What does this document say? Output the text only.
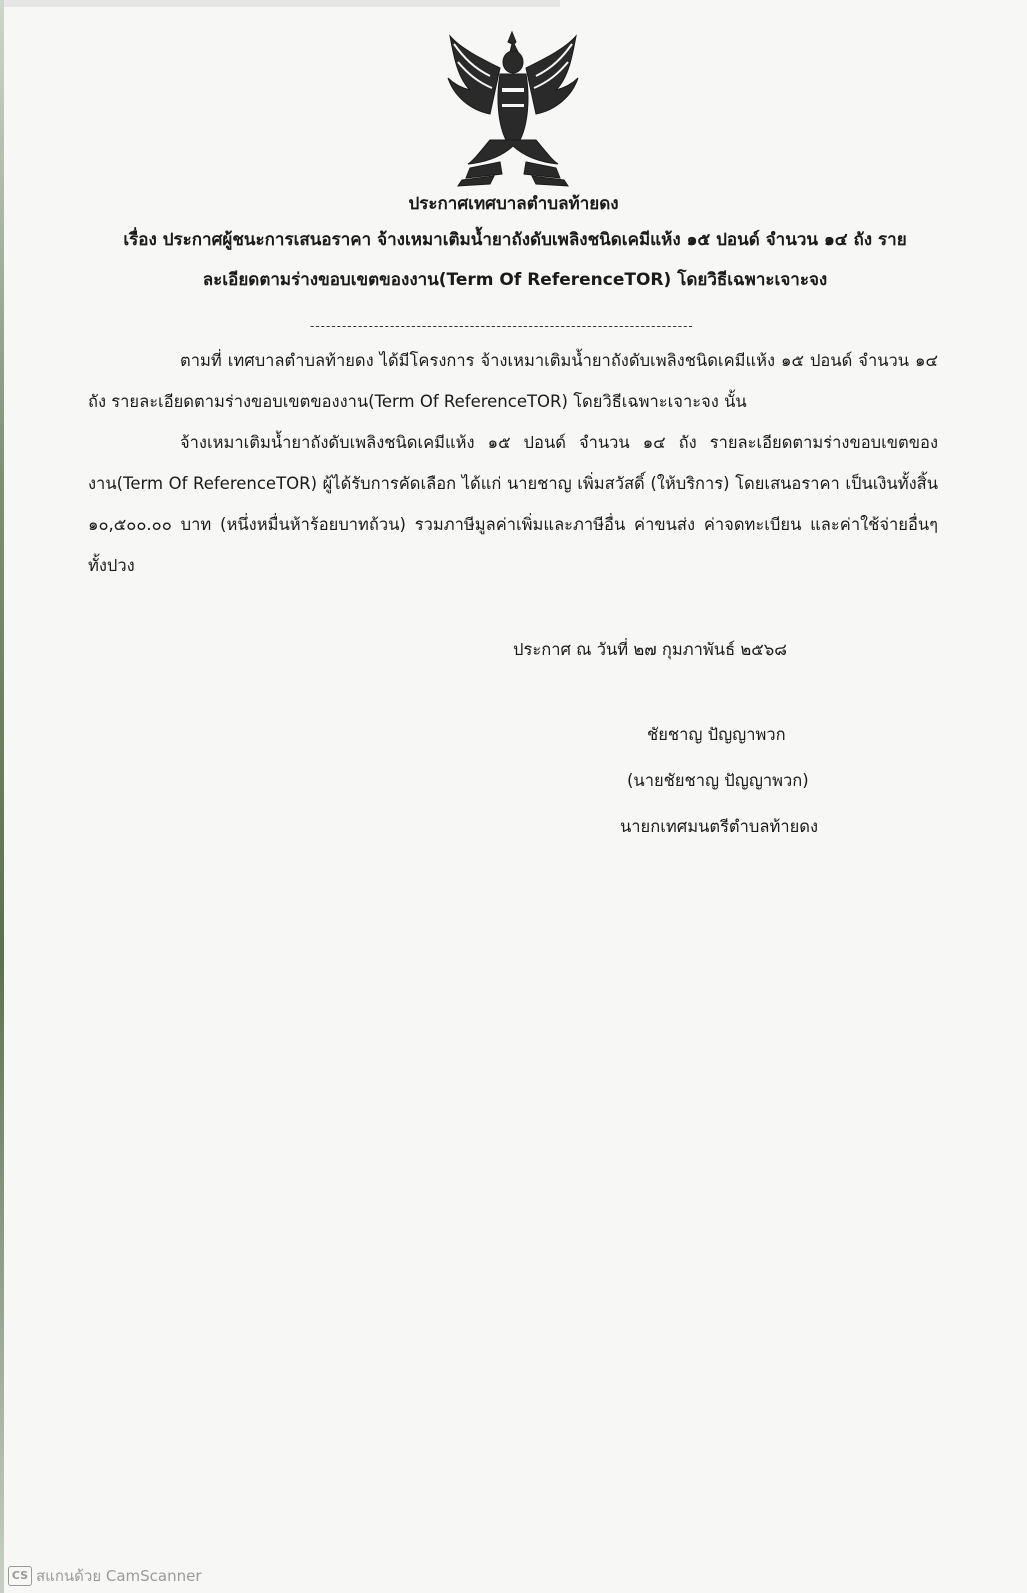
ประกาศเทศบาลตำบลท้ายดง
เรื่อง ประกาศผู้ชนะการเสนอราคา จ้างเหมาเติมน้ำยาถังดับเพลิงชนิดเคมีแห้ง ๑๕ ปอนด์ จำนวน ๑๔ ถัง ราย
ละเอียดตามร่างขอบเขตของงาน(Term Of ReferenceTOR) โดยวิธีเฉพาะเจาะจง
------------------------------------------------------------------------
ตามที่ เทศบาลตำบลท้ายดง ได้มีโครงการ จ้างเหมาเติมน้ำยาถังดับเพลิงชนิดเคมีแห้ง ๑๕ ปอนด์ จำนวน ๑๔ ถัง รายละเอียดตามร่างขอบเขตของงาน(Term Of ReferenceTOR) โดยวิธีเฉพาะเจาะจง นั้น
จ้างเหมาเติมน้ำยาถังดับเพลิงชนิดเคมีแห้ง ๑๕ ปอนด์ จำนวน ๑๔ ถัง รายละเอียดตามร่างขอบเขตของงาน(Term Of ReferenceTOR) ผู้ได้รับการคัดเลือก ได้แก่ นายชาญ เพิ่มสวัสดิ์ (ให้บริการ) โดยเสนอราคา เป็นเงินทั้งสิ้น ๑๐,๕๐๐.๐๐ บาท (หนึ่งหมื่นห้าร้อยบาทถ้วน) รวมภาษีมูลค่าเพิ่มและภาษีอื่น ค่าขนส่ง ค่าจดทะเบียน และค่าใช้จ่ายอื่นๆ ทั้งปวง
ประกาศ ณ วันที่ ๒๗ กุมภาพันธ์ ๒๕๖๘
ชัยชาญ ปัญญาพวก
(นายชัยชาญ ปัญญาพวก)
นายกเทศมนตรีตำบลท้ายดง
CS สแกนด้วย CamScanner
